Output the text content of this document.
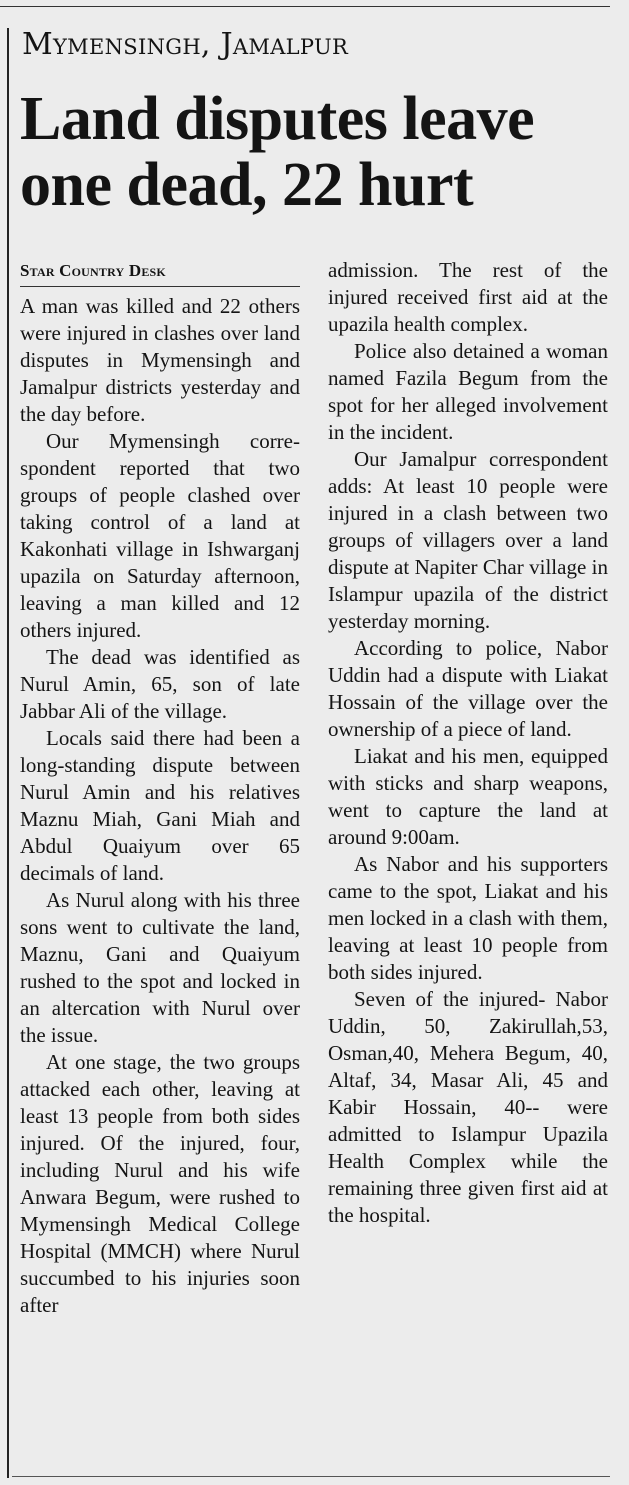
Mymensingh, Jamalpur
Land disputes leave one dead, 22 hurt
Star Country Desk

A man was killed and 22 others were injured in clashes over land disputes in Mymensingh and Jamalpur districts yesterday and the day before.

Our Mymensingh correspondent reported that two groups of people clashed over taking control of a land at Kakonhati village in Ishwarganj upazila on Saturday afternoon, leaving a man killed and 12 others injured.

The dead was identified as Nurul Amin, 65, son of late Jabbar Ali of the village.

Locals said there had been a long-standing dispute between Nurul Amin and his relatives Maznu Miah, Gani Miah and Abdul Quaiyum over 65 decimals of land.

As Nurul along with his three sons went to cultivate the land, Maznu, Gani and Quaiyum rushed to the spot and locked in an altercation with Nurul over the issue.

At one stage, the two groups attacked each other, leaving at least 13 people from both sides injured. Of the injured, four, including Nurul and his wife Anwara Begum, were rushed to Mymensingh Medical College Hospital (MMCH) where Nurul succumbed to his injuries soon after

admission. The rest of the injured received first aid at the upazila health complex.

Police also detained a woman named Fazila Begum from the spot for her alleged involvement in the incident.

Our Jamalpur correspondent adds: At least 10 people were injured in a clash between two groups of villagers over a land dispute at Napiter Char village in Islampur upazila of the district yesterday morning.

According to police, Nabor Uddin had a dispute with Liakat Hossain of the village over the ownership of a piece of land.

Liakat and his men, equipped with sticks and sharp weapons, went to capture the land at around 9:00am.

As Nabor and his supporters came to the spot, Liakat and his men locked in a clash with them, leaving at least 10 people from both sides injured.

Seven of the injured- Nabor Uddin, 50, Zakirullah,53, Osman,40, Mehera Begum, 40, Altaf, 34, Masar Ali, 45 and Kabir Hossain, 40-- were admitted to Islampur Upazila Health Complex while the remaining three given first aid at the hospital.
